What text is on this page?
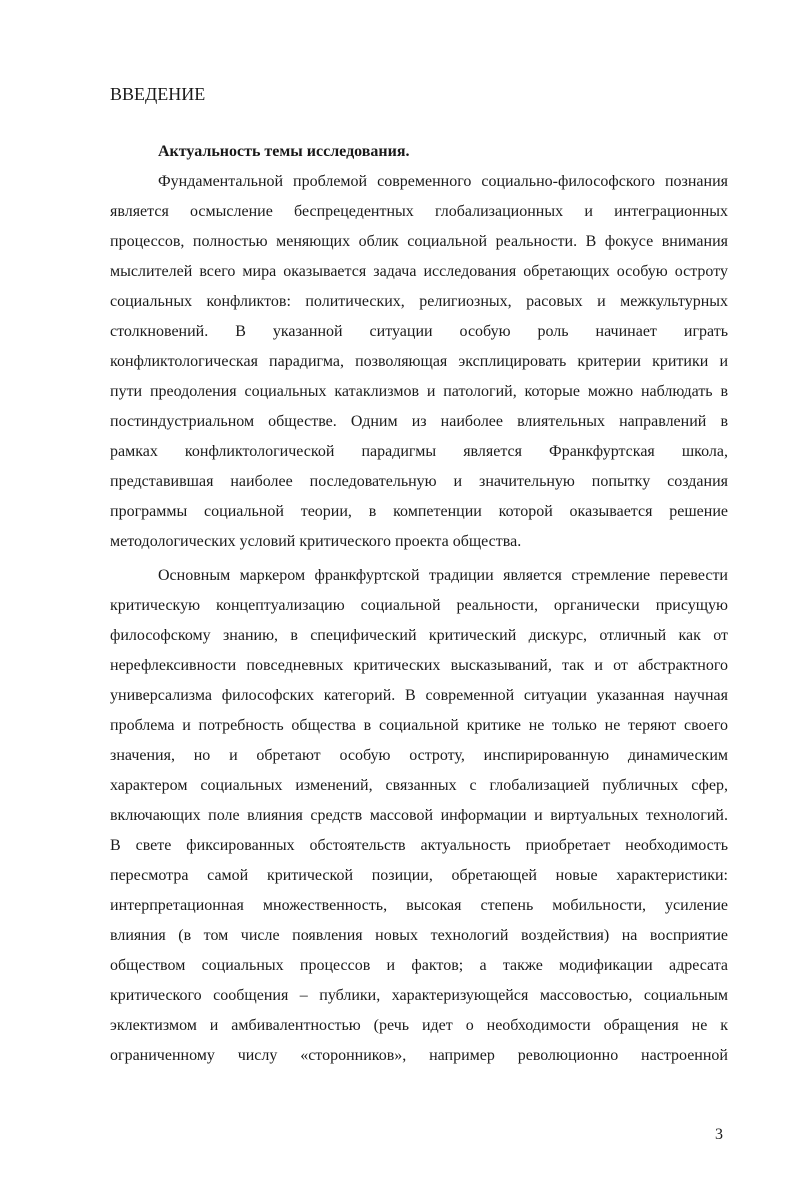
ВВЕДЕНИЕ
Актуальность темы исследования.
Фундаментальной проблемой современного социально-философского познания
является осмысление беспрецедентных глобализационных и интеграционных
процессов, полностью меняющих облик социальной реальности. В фокусе внимания
мыслителей всего мира оказывается задача исследования обретающих особую остроту
социальных конфликтов: политических, религиозных, расовых и межкультурных
столкновений. В указанной ситуации особую роль начинает играть
конфликтологическая парадигма, позволяющая эксплицировать критерии критики и
пути преодоления социальных катаклизмов и патологий, которые можно наблюдать в
постиндустриальном обществе. Одним из наиболее влиятельных направлений в
рамках конфликтологической парадигмы является Франкфуртская школа,
представившая наиболее последовательную и значительную попытку создания
программы социальной теории, в компетенции которой оказывается решение
методологических условий критического проекта общества.
Основным маркером франкфуртской традиции является стремление перевести
критическую концептуализацию социальной реальности, органически присущую
философскому знанию, в специфический критический дискурс, отличный как от
нерефлексивности повседневных критических высказываний, так и от абстрактного
универсализма философских категорий. В современной ситуации указанная научная
проблема и потребность общества в социальной критике не только не теряют своего
значения, но и обретают особую остроту, инспирированную динамическим
характером социальных изменений, связанных с глобализацией публичных сфер,
включающих поле влияния средств массовой информации и виртуальных технологий.
В свете фиксированных обстоятельств актуальность приобретает необходимость
пересмотра самой критической позиции, обретающей новые характеристики:
интерпретационная множественность, высокая степень мобильности, усиление
влияния (в том числе появления новых технологий воздействия) на восприятие
обществом социальных процессов и фактов; а также модификации адресата
критического сообщения – публики, характеризующейся массовостью, социальным
эклектизмом и амбивалентностью (речь идет о необходимости обращения не к
ограниченному числу «сторонников», например революционно настроенной
3
